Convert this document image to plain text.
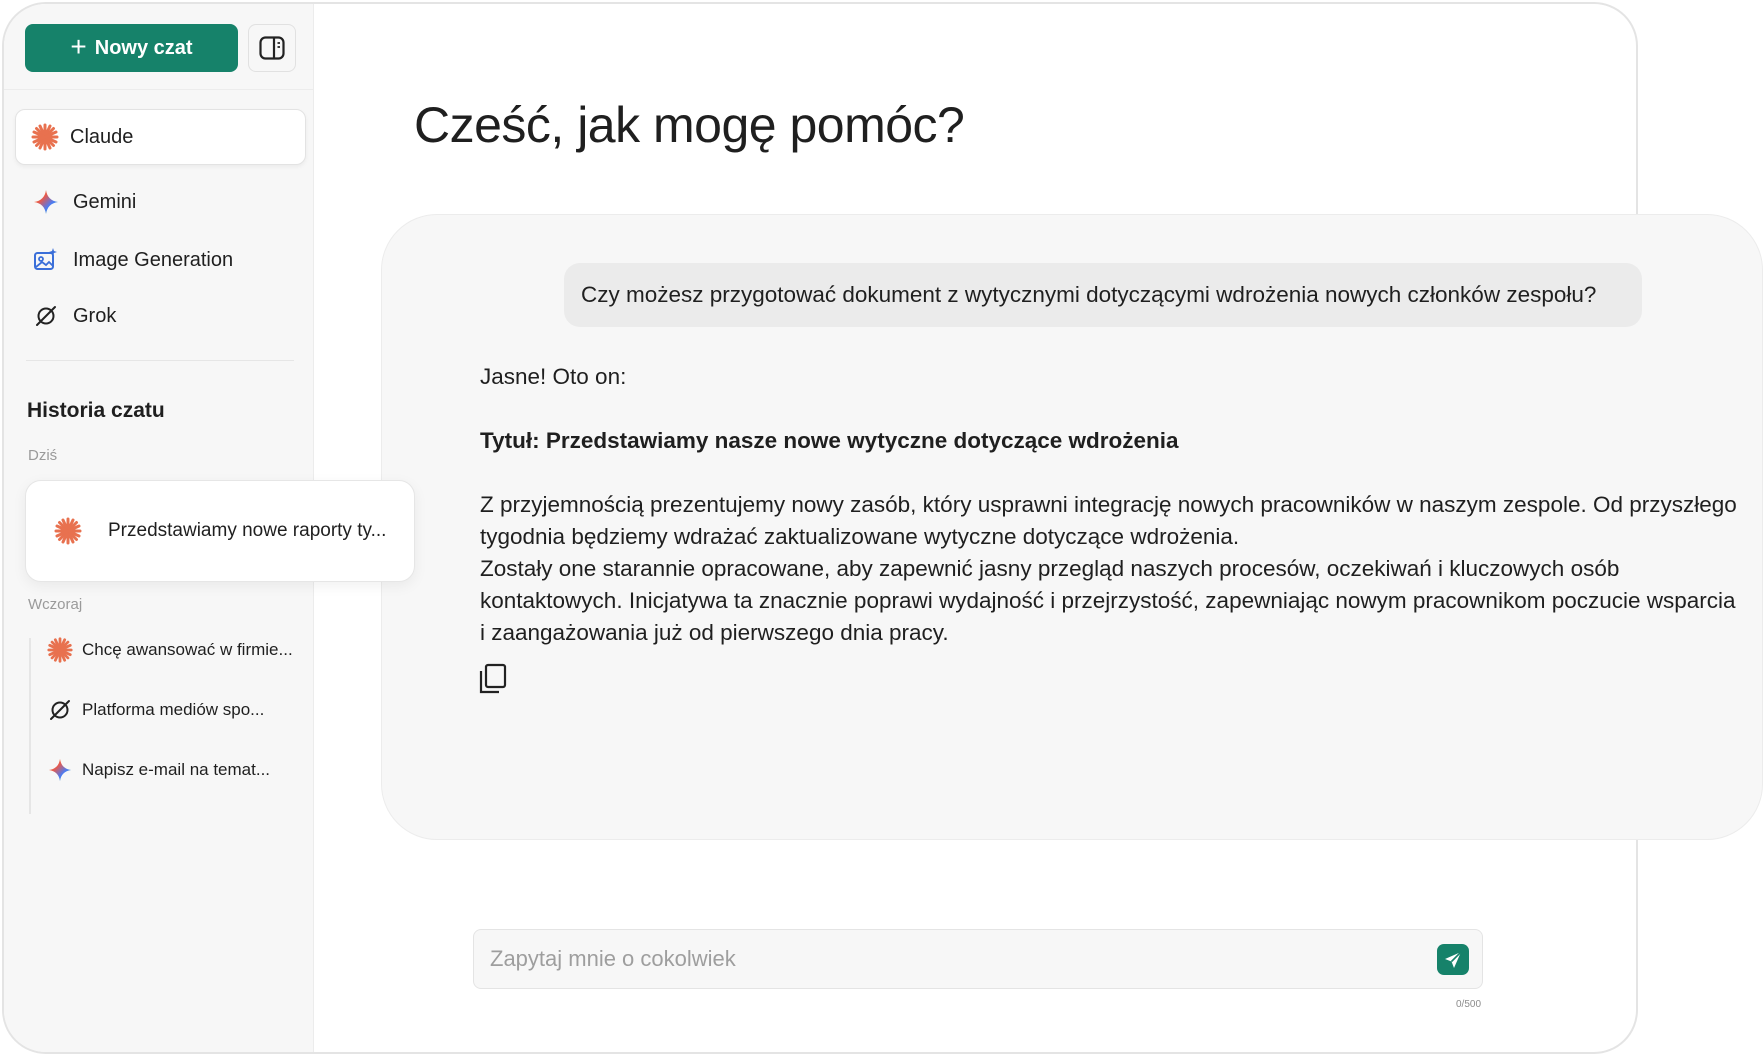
+ Nowy czat
Claude
Gemini
Image Generation
Grok
Historia czatu
Dziś
Wczoraj
Chcę awansować w firmie...
Platforma mediów spo...
Napisz e-mail na temat...
Przedstawiamy nowe raporty ty...
Cześć, jak mogę pomóc?
Zapytaj mnie o cokolwiek
0/500
Czy możesz przygotować dokument z wytycznymi dotyczącymi wdrożenia nowych członków zespołu?
Jasne! Oto on:
Tytuł: Przedstawiamy nasze nowe wytyczne dotyczące wdrożenia
Z przyjemnością prezentujemy nowy zasób, który usprawni integrację nowych pracowników w naszym zespole. Od przyszłego tygodnia będziemy wdrażać zaktualizowane wytyczne dotyczące wdrożenia.
Zostały one starannie opracowane, aby zapewnić jasny przegląd naszych procesów, oczekiwań i kluczowych osób kontaktowych. Inicjatywa ta znacznie poprawi wydajność i przejrzystość, zapewniając nowym pracownikom poczucie wsparcia i zaangażowania już od pierwszego dnia pracy.
